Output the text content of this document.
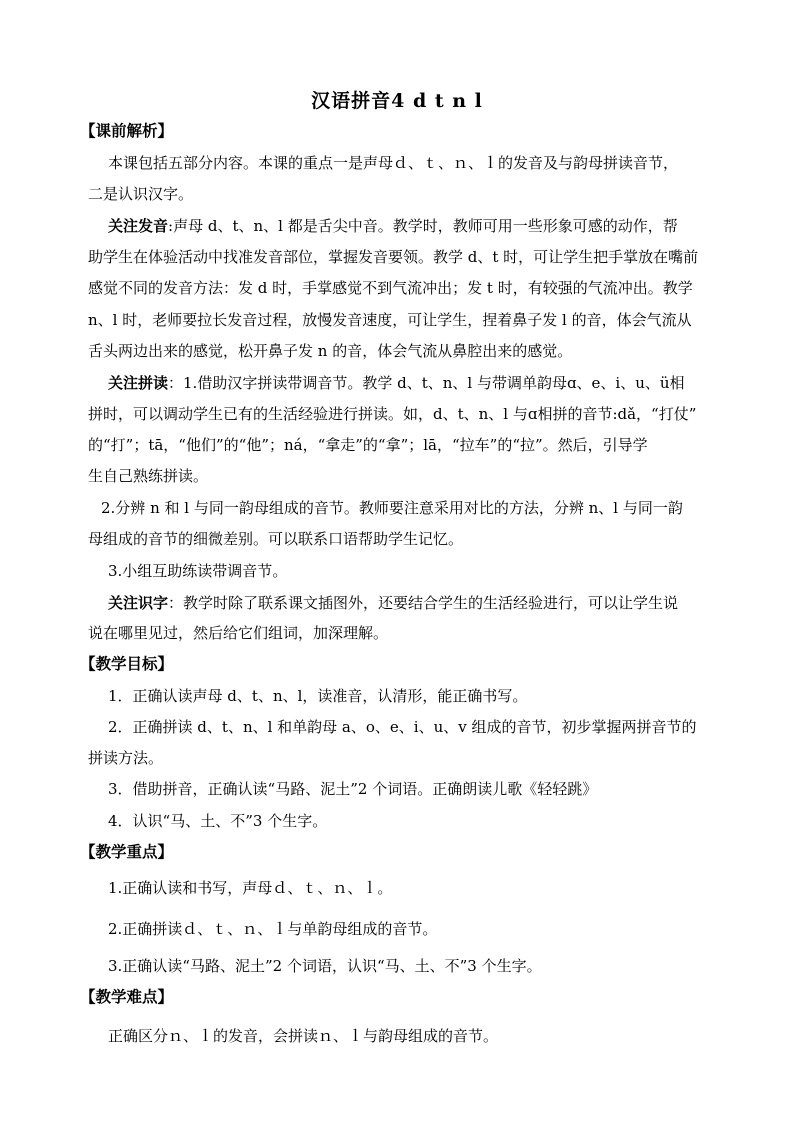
汉语拼音4 d t n l
【课前解析】
本课包括五部分内容。本课的重点一是声母ｄ、ｔ、ｎ、ｌ的发音及与韵母拼读音节，
二是认识汉字。
关注发音:声母 d、t、n、l 都是舌尖中音。教学时，教师可用一些形象可感的动作，帮
助学生在体验活动中找准发音部位，掌握发音要领。教学 d、t 时，可让学生把手掌放在嘴前
感觉不同的发音方法：发 d 时，手掌感觉不到气流冲出；发 t 时，有较强的气流冲出。教学
n、l 时，老师要拉长发音过程，放慢发音速度，可让学生，捏着鼻子发 l 的音，体会气流从
舌头两边出来的感觉，松开鼻子发 n 的音，体会气流从鼻腔出来的感觉。
关注拼读：1.借助汉字拼读带调音节。教学 d、t、n、l 与带调单韵母ɑ、e、i、u、ü相
拼时，可以调动学生已有的生活经验进行拼读。如，d、t、n、l 与ɑ相拼的音节:dǎ，“打仗”
的“打”；tā，“他们”的“他”；ná，“拿走”的“拿”；lā，“拉车”的“拉”。然后，引导学
生自己熟练拼读。
2.分辨 n 和 l 与同一韵母组成的音节。教师要注意采用对比的方法，分辨 n、l 与同一韵
母组成的音节的细微差别。可以联系口语帮助学生记忆。
3.小组互助练读带调音节。
关注识字：教学时除了联系课文插图外，还要结合学生的生活经验进行，可以让学生说
说在哪里见过，然后给它们组词，加深理解。
【教学目标】
1．正确认读声母 d、t、n、l，读准音，认清形，能正确书写。
2．正确拼读 d、t、n、l 和单韵母 a、o、e、i、u、v 组成的音节，初步掌握两拼音节的
拼读方法。
3．借助拼音，正确认读“马路、泥土”2 个词语。正确朗读儿歌《轻轻跳》
4．认识“马、土、不”3 个生字。
【教学重点】
1.正确认读和书写，声母ｄ、ｔ、ｎ、ｌ。
2.正确拼读ｄ、ｔ、ｎ、ｌ与单韵母组成的音节。
3.正确认读“马路、泥土”2 个词语，认识“马、土、不”3 个生字。
【教学难点】
正确区分ｎ、ｌ的发音，会拼读ｎ、ｌ与韵母组成的音节。
